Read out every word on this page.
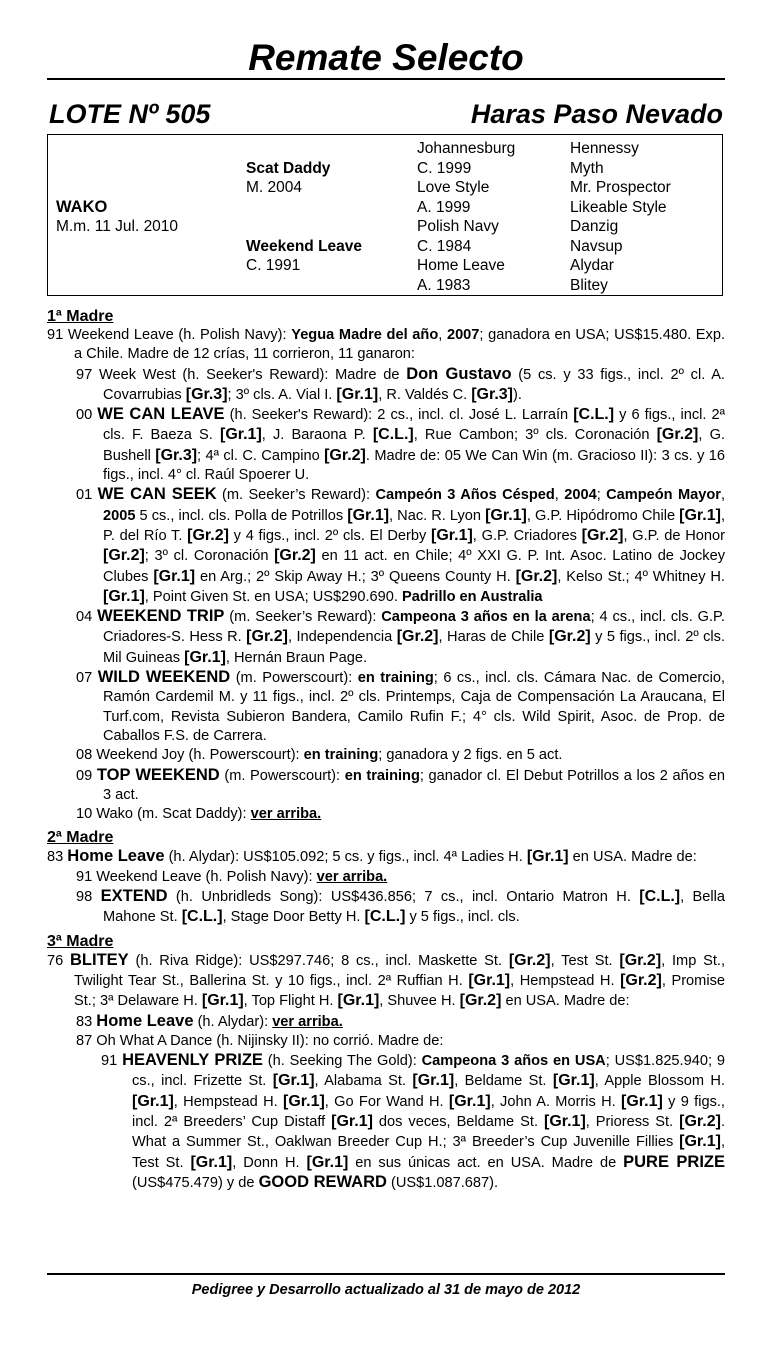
Remate Selecto
LOTE Nº 505	Haras Paso Nevado
WAKO
M.m. 11 Jul. 2010
Scat Daddy
M. 2004
Weekend Leave
C. 1991
Johannesburg
C. 1999
Love Style
A. 1999
Polish Navy
C. 1984
Home Leave
A. 1983
Hennessy
Myth
Mr. Prospector
Likeable Style
Danzig
Navsup
Alydar
Blitey
1ª Madre
91 Weekend Leave (h. Polish Navy): Yegua Madre del año, 2007; ganadora en USA; US$15.480. Exp. a Chile. Madre de 12 crías, 11 corrieron, 11 ganaron:
97 Week West (h. Seeker's Reward): Madre de Don Gustavo (5 cs. y 33 figs., incl. 2º cl. A. Covarrubias [Gr.3]; 3º cls. A. Vial I. [Gr.1], R. Valdés C. [Gr.3]).
00 WE CAN LEAVE (h. Seeker's Reward): 2 cs., incl. cl. José L. Larraín [C.L.] y 6 figs., incl. 2ª cls. F. Baeza S. [Gr.1], J. Baraona P. [C.L.], Rue Cambon; 3º cls. Coronación [Gr.2], G. Bushell [Gr.3]; 4ª cl. C. Campino [Gr.2]. Madre de: 05 We Can Win (m. Gracioso II): 3 cs. y 16 figs., incl. 4° cl. Raúl Spoerer U.
01 WE CAN SEEK (m. Seeker’s Reward): Campeón 3 Años Césped, 2004; Campeón Mayor, 2005 5 cs., incl. cls. Polla de Potrillos [Gr.1], Nac. R. Lyon [Gr.1], G.P. Hipódromo Chile [Gr.1], P. del Río T. [Gr.2] y 4 figs., incl. 2º cls. El Derby [Gr.1], G.P. Criadores [Gr.2], G.P. de Honor [Gr.2]; 3º cl. Coronación [Gr.2] en 11 act. en Chile; 4º XXI G. P. Int. Asoc. Latino de Jockey Clubes [Gr.1] en Arg.; 2º Skip Away H.; 3º Queens County H. [Gr.2], Kelso St.; 4º Whitney H. [Gr.1], Point Given St. en USA; US$290.690. Padrillo en Australia
04 WEEKEND TRIP (m. Seeker’s Reward): Campeona 3 años en la arena; 4 cs., incl. cls. G.P. Criadores-S. Hess R. [Gr.2], Independencia [Gr.2], Haras de Chile [Gr.2] y 5 figs., incl. 2º cls. Mil Guineas [Gr.1], Hernán Braun Page.
07 WILD WEEKEND (m. Powerscourt): en training; 6 cs., incl. cls. Cámara Nac. de Comercio, Ramón Cardemil M. y 11 figs., incl. 2º cls. Printemps, Caja de Compensación La Araucana, El Turf.com, Revista Subieron Bandera, Camilo Rufin F.; 4° cls. Wild Spirit, Asoc. de Prop. de Caballos F.S. de Carrera.
08 Weekend Joy (h. Powerscourt): en training; ganadora y 2 figs. en 5 act.
09 TOP WEEKEND (m. Powerscourt): en training; ganador cl. El Debut Potrillos a los 2 años en 3 act.
10 Wako (m. Scat Daddy): ver arriba.
2ª Madre
83 Home Leave (h. Alydar): US$105.092; 5 cs. y figs., incl. 4ª Ladies H. [Gr.1] en USA. Madre de:
91 Weekend Leave (h. Polish Navy): ver arriba.
98 EXTEND (h. Unbridleds Song): US$436.856; 7 cs., incl. Ontario Matron H. [C.L.], Bella Mahone St. [C.L.], Stage Door Betty H. [C.L.] y 5 figs., incl. cls.
3ª Madre
76 BLITEY (h. Riva Ridge): US$297.746; 8 cs., incl. Maskette St. [Gr.2], Test St. [Gr.2], Imp St., Twilight Tear St., Ballerina St. y 10 figs., incl. 2ª Ruffian H. [Gr.1], Hempstead H. [Gr.2], Promise St.; 3ª Delaware H. [Gr.1], Top Flight H. [Gr.1], Shuvee H. [Gr.2] en USA. Madre de:
83 Home Leave (h. Alydar): ver arriba.
87 Oh What A Dance (h. Nijinsky II): no corrió. Madre de:
91 HEAVENLY PRIZE (h. Seeking The Gold): Campeona 3 años en USA; US$1.825.940; 9 cs., incl. Frizette St. [Gr.1], Alabama St. [Gr.1], Beldame St. [Gr.1], Apple Blossom H. [Gr.1], Hempstead H. [Gr.1], Go For Wand H. [Gr.1], John A. Morris H. [Gr.1] y 9 figs., incl. 2ª Breeders’ Cup Distaff [Gr.1] dos veces, Beldame St. [Gr.1], Prioress St. [Gr.2]. What a Summer St., Oaklwan Breeder Cup H.; 3ª Breeder’s Cup Juvenille Fillies [Gr.1], Test St. [Gr.1], Donn H. [Gr.1] en sus únicas act. en USA. Madre de PURE PRIZE (US$475.479) y de GOOD REWARD (US$1.087.687).
Pedigree y Desarrollo actualizado al 31 de mayo de 2012
